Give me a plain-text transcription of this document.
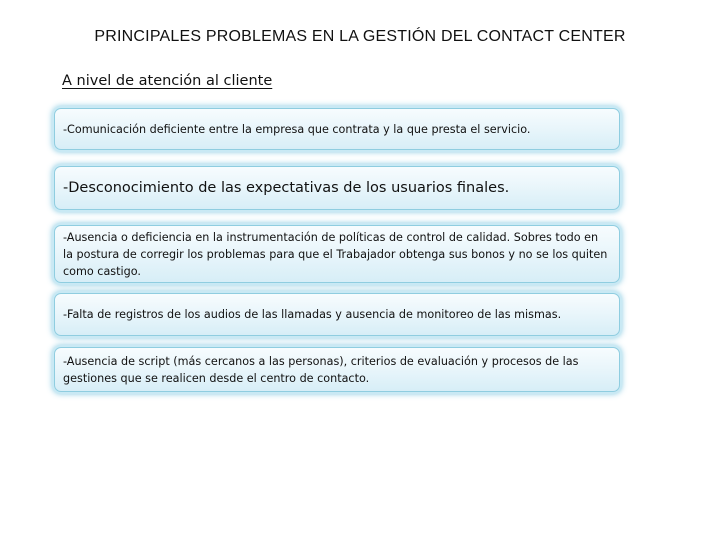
PRINCIPALES PROBLEMAS EN LA GESTIÓN DEL CONTACT CENTER
A nivel de atención al cliente
-Comunicación deficiente entre la empresa que contrata y la que presta el servicio.
-Desconocimiento de las expectativas de los usuarios finales.
-Ausencia o deficiencia en la instrumentación de políticas de control de calidad. Sobres todo en la postura de corregir los problemas para que el Trabajador obtenga sus bonos y no se los quiten como castigo.
-Falta de registros de los audios de las llamadas y ausencia de monitoreo de las mismas.
-Ausencia de script (más cercanos a las personas), criterios de evaluación y procesos de las gestiones que se realicen desde el centro de contacto.
